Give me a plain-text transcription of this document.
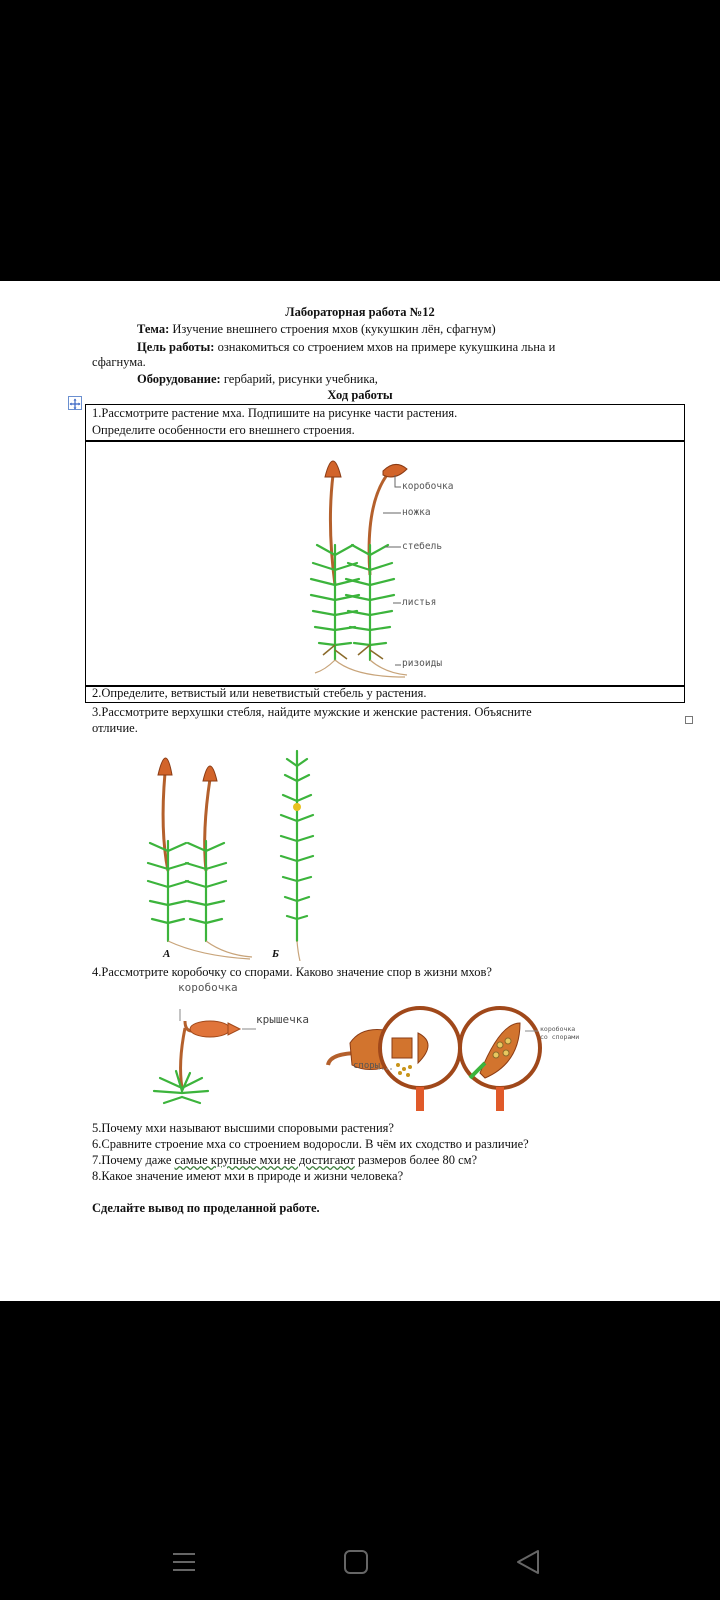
Лабораторная работа №12
Тема: Изучение внешнего строения мхов (кукушкин лён, сфагнум)
Цель работы: ознакомиться со строением мхов на примере кукушкина льна и
сфагнума.
Оборудование: гербарий, рисунки учебника,
Ход работы
1.Рассмотрите растение мха. Подпишите на рисунке части растения.
Определите особенности его внешнего строения.
коробочка
ножка
стебель
листья
ризоиды
2.Определите, ветвистый или неветвистый стебель у растения.
3.Рассмотрите верхушки стебля, найдите мужские и женские растения. Объясните
отличие.
А	Б
4.Рассмотрите коробочку со спорами. Каково значение спор в жизни мхов?
коробочка
крышечка
споры
коробочка
со спорами
5.Почему мхи называют высшими споровыми растения?
6.Сравните строение мха со строением водоросли. В чём их сходство и различие?
7.Почему даже самые крупные мхи не достигают размеров более 80 см?
8.Какое значение имеют мхи в природе и жизни человека?
Сделайте вывод по проделанной работе.
